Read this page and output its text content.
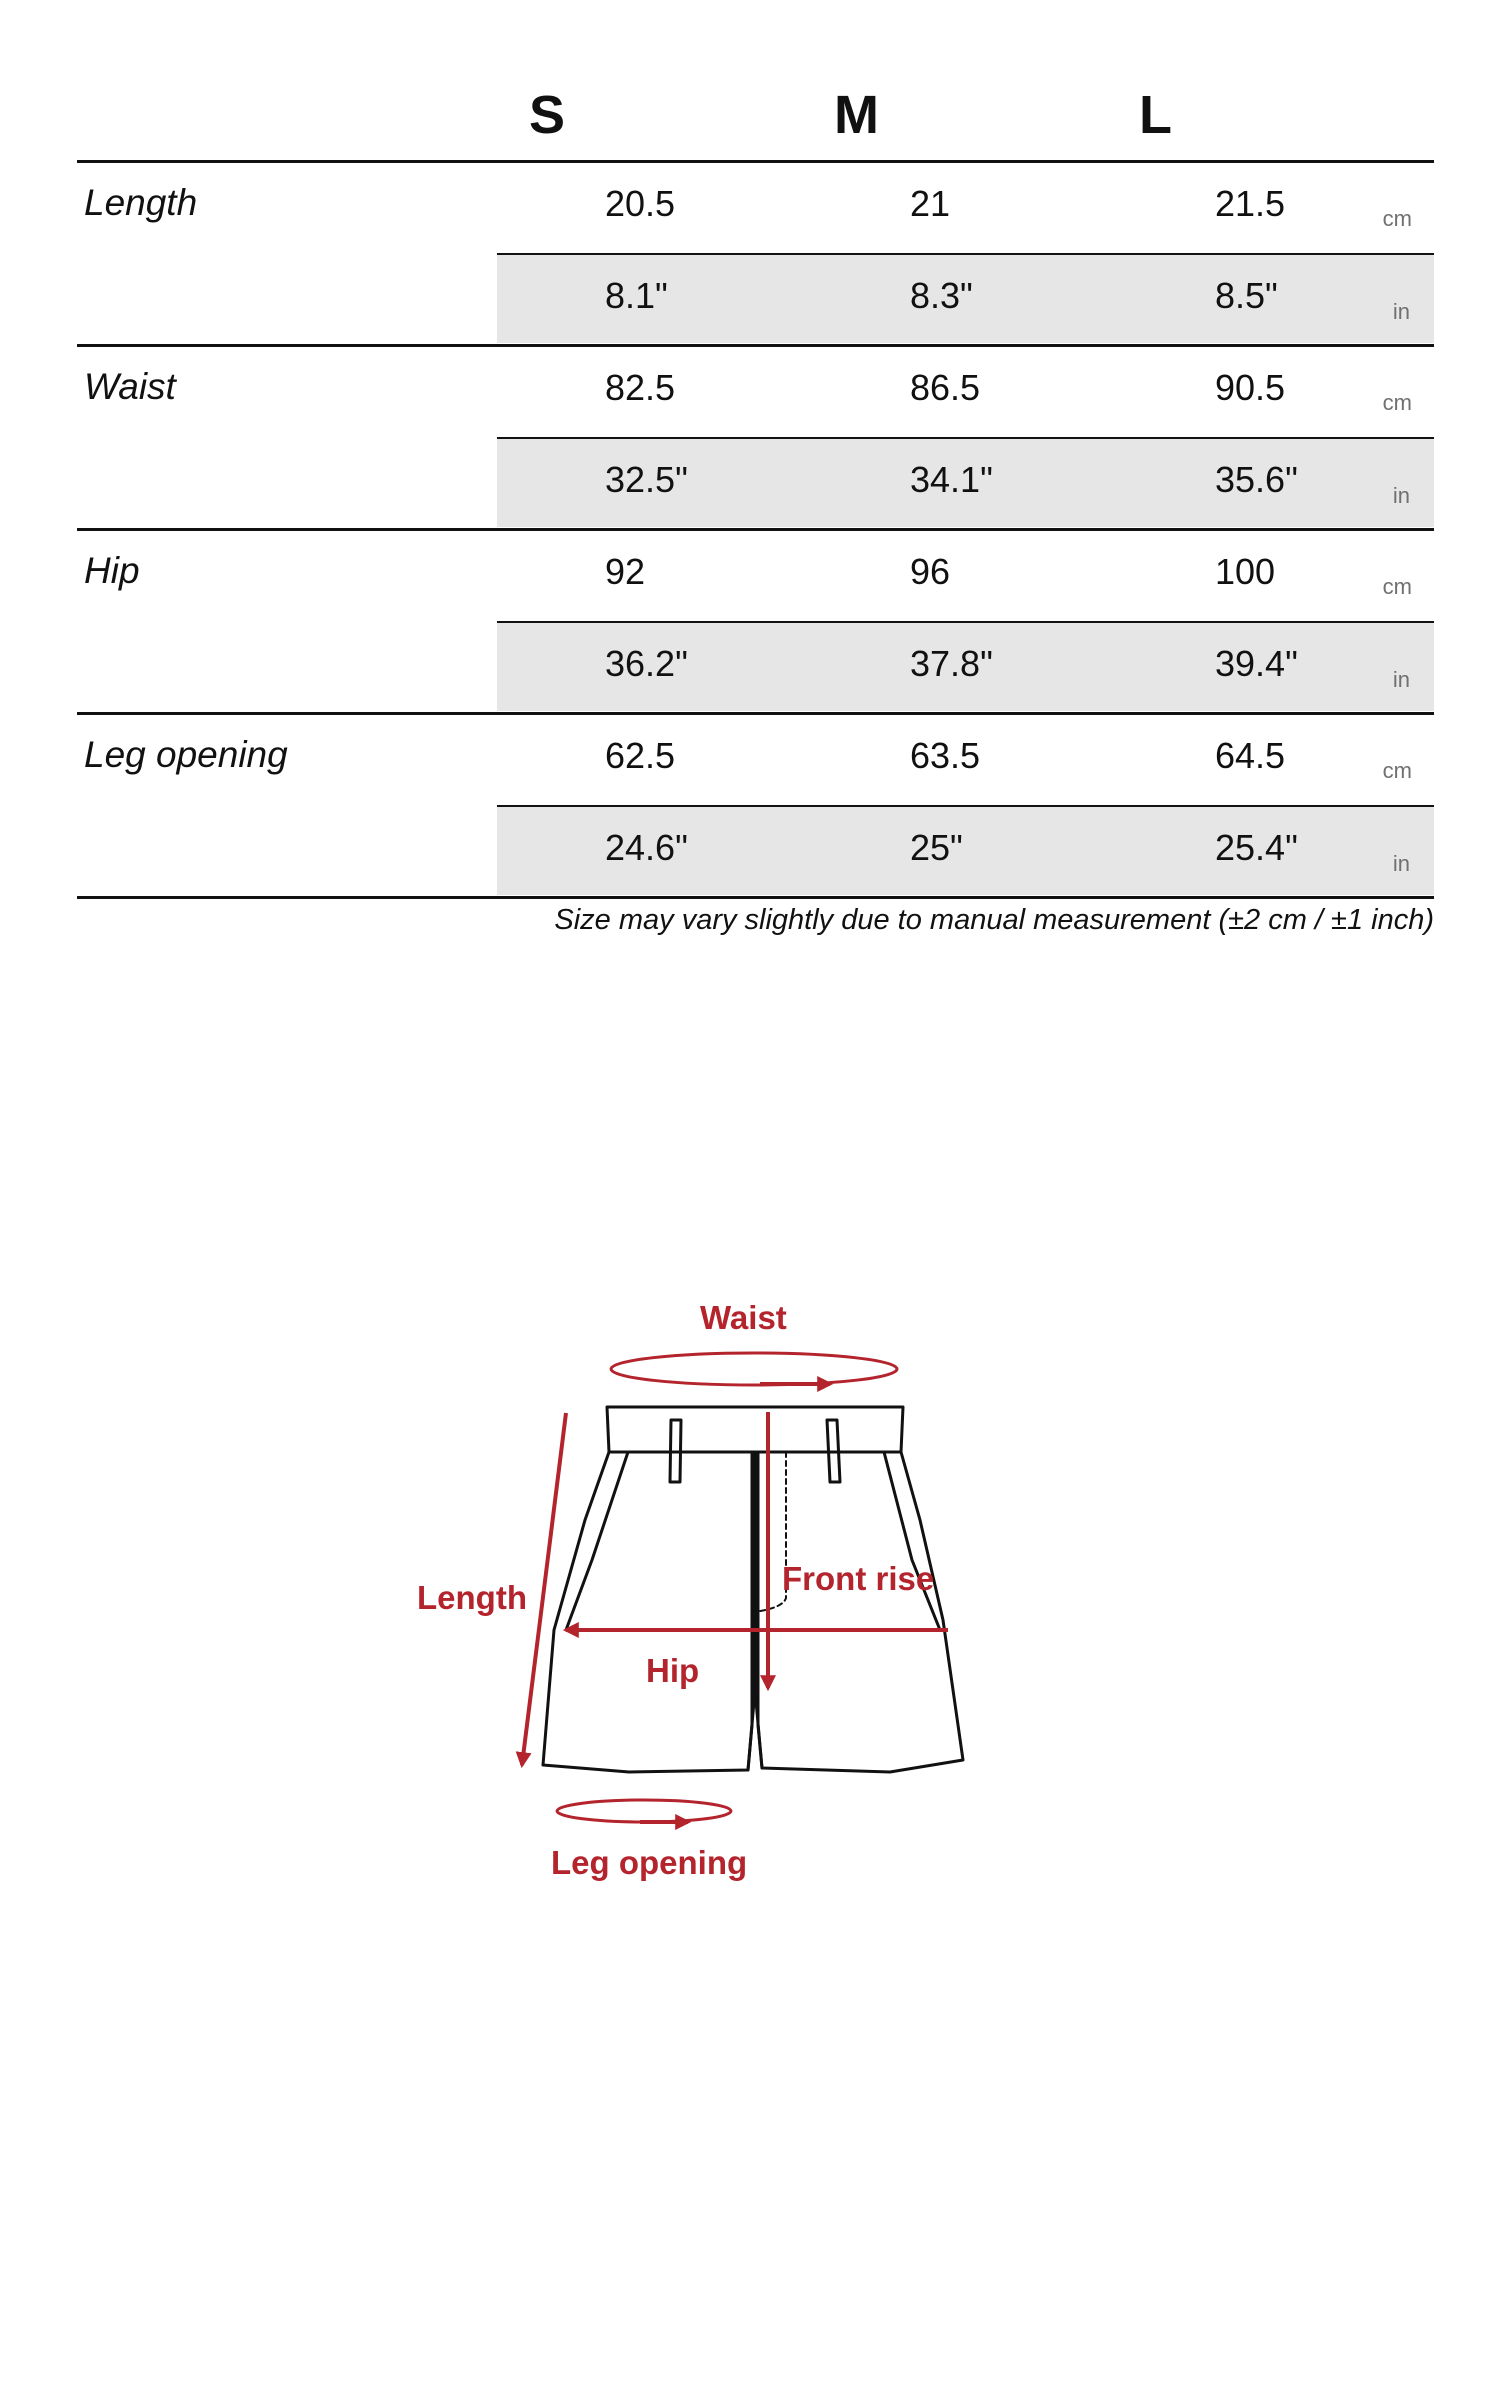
S	M	L
Length	20.5	21	21.5	cm
8.1"	8.3"	8.5"	in
Waist	82.5	86.5	90.5	cm
32.5"	34.1"	35.6"	in
Hip	92	96	100	cm
36.2"	37.8"	39.4"	in
Leg opening	62.5	63.5	64.5	cm
24.6"	25"	25.4"	in
Size may vary slightly due to manual measurement (±2 cm / ±1 inch)
Waist
Length
Front rise
Hip
Leg opening
